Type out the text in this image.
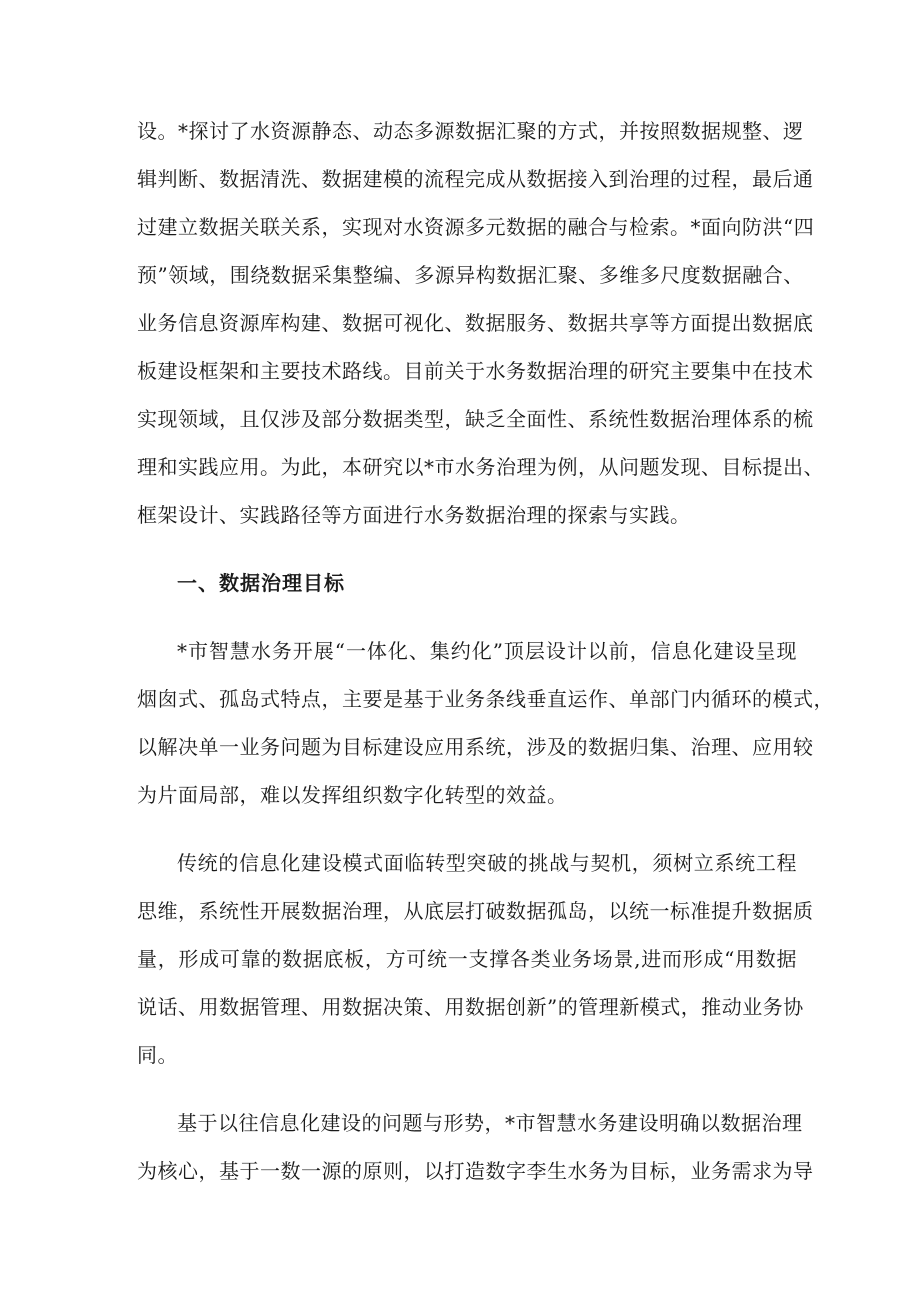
设。*探讨了水资源静态、动态多源数据汇聚的方式，并按照数据规整、逻
辑判断、数据清洗、数据建模的流程完成从数据接入到治理的过程，最后通
过建立数据关联关系，实现对水资源多元数据的融合与检索。*面向防洪“四
预”领域，围绕数据采集整编、多源异构数据汇聚、多维多尺度数据融合、
业务信息资源库构建、数据可视化、数据服务、数据共享等方面提出数据底
板建设框架和主要技术路线。目前关于水务数据治理的研究主要集中在技术
实现领域，且仅涉及部分数据类型，缺乏全面性、系统性数据治理体系的梳
理和实践应用。为此，本研究以*市水务治理为例，从问题发现、目标提出、
框架设计、实践路径等方面进行水务数据治理的探索与实践。
一、数据治理目标
*市智慧水务开展“一体化、集约化”顶层设计以前，信息化建设呈现
烟囱式、孤岛式特点，主要是基于业务条线垂直运作、单部门内循环的模式，
以解决单一业务问题为目标建设应用系统，涉及的数据归集、治理、应用较
为片面局部，难以发挥组织数字化转型的效益。
传统的信息化建设模式面临转型突破的挑战与契机，须树立系统工程
思维，系统性开展数据治理，从底层打破数据孤岛，以统一标准提升数据质
量，形成可靠的数据底板，方可统一支撑各类业务场景,进而形成“用数据
说话、用数据管理、用数据决策、用数据创新”的管理新模式，推动业务协
同。
基于以往信息化建设的问题与形势，*市智慧水务建设明确以数据治理
为核心，基于一数一源的原则，以打造数字李生水务为目标，业务需求为导
